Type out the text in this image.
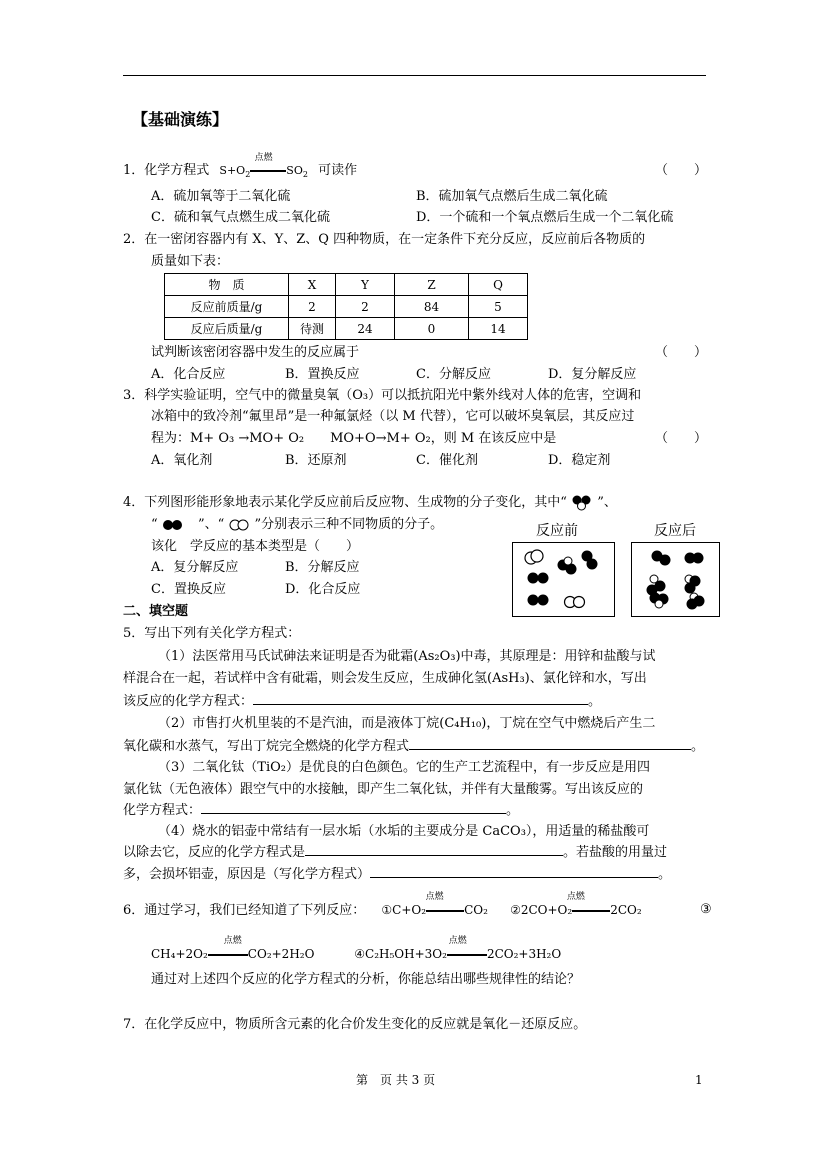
【基础演练】
1．化学方程式 $S+O_2$
点燃
$SO_2$ 可读作	（　　）
A．硫加氧等于二氧化硫	B．硫加氧气点燃后生成二氧化硫
C．硫和氧气点燃生成二氧化硫	D．一个硫和一个氧点燃后生成一个二氧化硫
2．在一密闭容器内有 X、Y、Z、Q 四种物质，在一定条件下充分反应，反应前后各物质的
质量如下表：
物　质	X	Y	Z	Q
反应前质量/g	2	2	84	5
反应后质量/g	待测	24	0	14
试判断该密闭容器中发生的反应属于	（　　）
A．化合反应	B．置换反应	C．分解反应	D．复分解反应
3．科学实验证明，空气中的微量臭氧（O₃）可以抵抗阳光中紫外线对人体的危害，空调和
冰箱中的致冷剂“氟里昂”是一种氟氯烃（以 M 代替），它可以破坏臭氧层，其反应过
程为：M+ O₃ →MO+ O₂　　MO+O→M+ O₂，则 M 在该反应中是	（　　）
A．氧化剂	B．还原剂	C．催化剂	D．稳定剂
4．下列图形能形象地表示某化学反应前后反应物、生成物的分子变化，其中“ ”、
“	”、“ ”分别表示三种不同物质的分子。
该化　学反应的基本类型是（　　）
A．复分解反应	B．分解反应
C．置换反应	D．化合反应
反应前	反应后
二、填空题
5．写出下列有关化学方程式：
（1）法医常用马氏试砷法来证明是否为砒霜(As₂O₃)中毒，其原理是：用锌和盐酸与试
样混合在一起，若试样中含有砒霜，则会发生反应，生成砷化氢(AsH₃)、氯化锌和水，写出
该反应的化学方程式：	。
（2）市售打火机里装的不是汽油，而是液体丁烷(C₄H₁₀)，丁烷在空气中燃烧后产生二
氧化碳和水蒸气，写出丁烷完全燃烧的化学方程式	。
（3）二氧化钛（TiO₂）是优良的白色颜色。它的生产工艺流程中，有一步反应是用四
氯化钛（无色液体）跟空气中的水接触，即产生二氧化钛，并伴有大量酸雾。写出该反应的
化学方程式：	。
（4）烧水的铝壶中常结有一层水垢（水垢的主要成分是 CaCO₃），用适量的稀盐酸可
以除去它，反应的化学方程式是	。若盐酸的用量过
多，会损坏铝壶，原因是（写化学方程式）	。
6．通过学习，我们已经知道了下列反应： ①C+O₂
点燃
CO₂ ②2CO+O₂
点燃
2CO₂	③
CH₄+2O₂
点燃
CO₂+2H₂O	④C₂H₅OH+3O₂
点燃
2CO₂+3H₂O
通过对上述四个反应的化学方程式的分析，你能总结出哪些规律性的结论？
7．在化学反应中，物质所含元素的化合价发生变化的反应就是氧化－还原反应。
第　页 共 3 页	1
